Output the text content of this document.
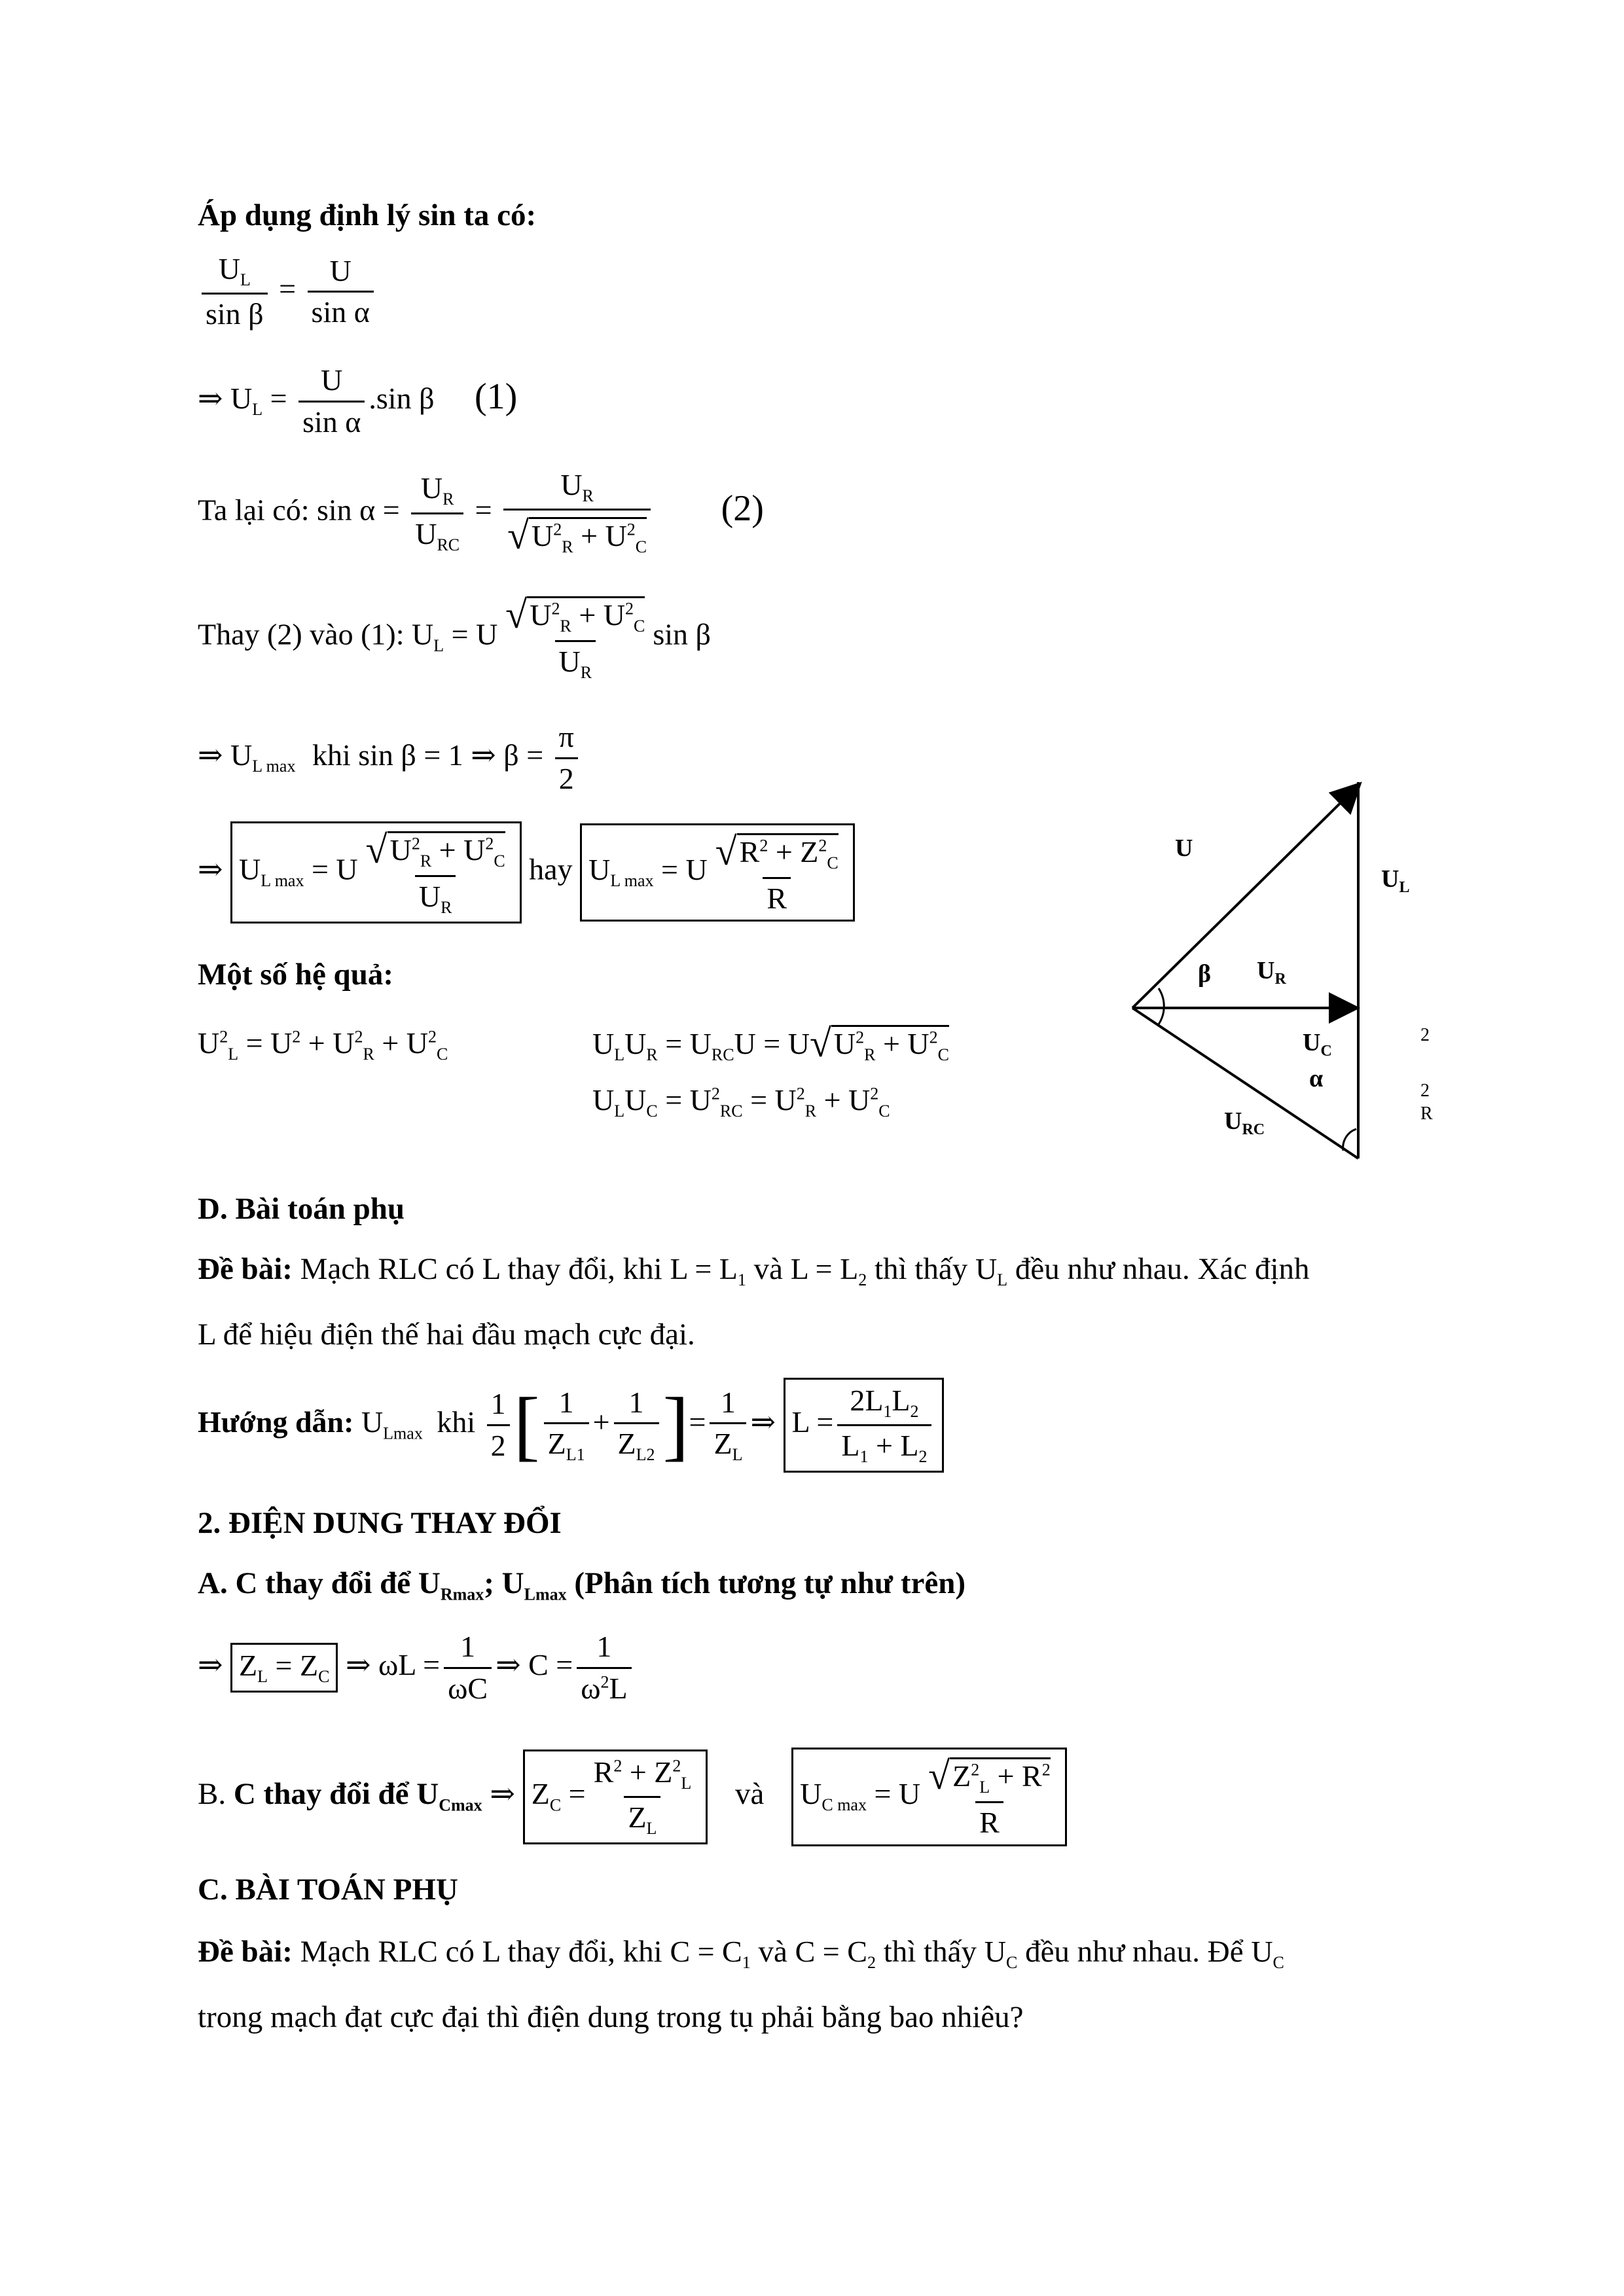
Áp dụng định lý sin ta có:
$\frac{U_L}{\text{sin β}} = \frac{U}{\text{sin α}}$
⇒ $U_L = \frac{U}{\text{sin α}} .\sin$ β (1)
Ta lại có: $\sin \alpha = \frac{U_R}{U_{RC}} = \frac{U_R}{√U^2_R + U^2_C} (2)$
Thay (2) vào (1): $U_L = U \frac{√U^2_R + U^2_C}{U_R}$ sin β
⇒ $U_{L max}$ khi sin β = 1 ⇒ $\beta = \frac{\pi}{2}$
⇒ $U_{L max} = U \frac{√U^2_R + U^2_C}{U_R}$ hay $U_{L max} = U \frac{√R^2 + Z^2_C}{R}$
Một số hệ quả:
$U^2_L = U^2 + U^2_R + U^2_C$	$U_LU_R = U_{RC}U = U√U^2_R + U^2_C$
$U_LU_C = U^2_{RC} = U^2_R + U^2_C$
U
$U_L$
β $U_R$
$U_C$
α
$U_{RC}$
2
2
R
D. Bài toán phụ
Đề bài: Mạch RLC có L thay đổi, khi $L = L_1$ và $L = L_2$ thì thấy $U_L$ đều như nhau. Xác định
L để hiệu điện thế hai đầu mạch cực đại.
Hướng dẫn: $U_{Lmax}$ khi $\frac{1}{2}$ [ $\frac{1}{Z_{L1}} + \frac{1}{Z_{L2}}$ ]= $\frac{1}{Z_L}$ ⇒ $L = \frac{2L_1L_2}{L_1 + L_2}$
2. ĐIỆN DUNG THAY ĐỔI
A. C thay đổi để $U_{Rmax}$; $U_{Lmax}$ (Phân tích tương tự như trên)
⇒ $Z_L = Z_C$ ⇒ $\omega L = \frac{1}{\omega C}$ ⇒ $C = \frac{1}{\omega^2L}$
B. C thay đổi để $U_{Cmax}$ ⇒ $Z_C = \frac{R^2 + Z^2_L}{Z_L}$ và $U_{C max} = U \frac{√Z^2_L + R^2}{R}$
C. BÀI TOÁN PHỤ
Đề bài: Mạch RLC có L thay đổi, khi $C = C_1$ và $C = C_2$ thì thấy $U_C$ đều như nhau. Để $U_C$
trong mạch đạt cực đại thì điện dung trong tụ phải bằng bao nhiêu?
